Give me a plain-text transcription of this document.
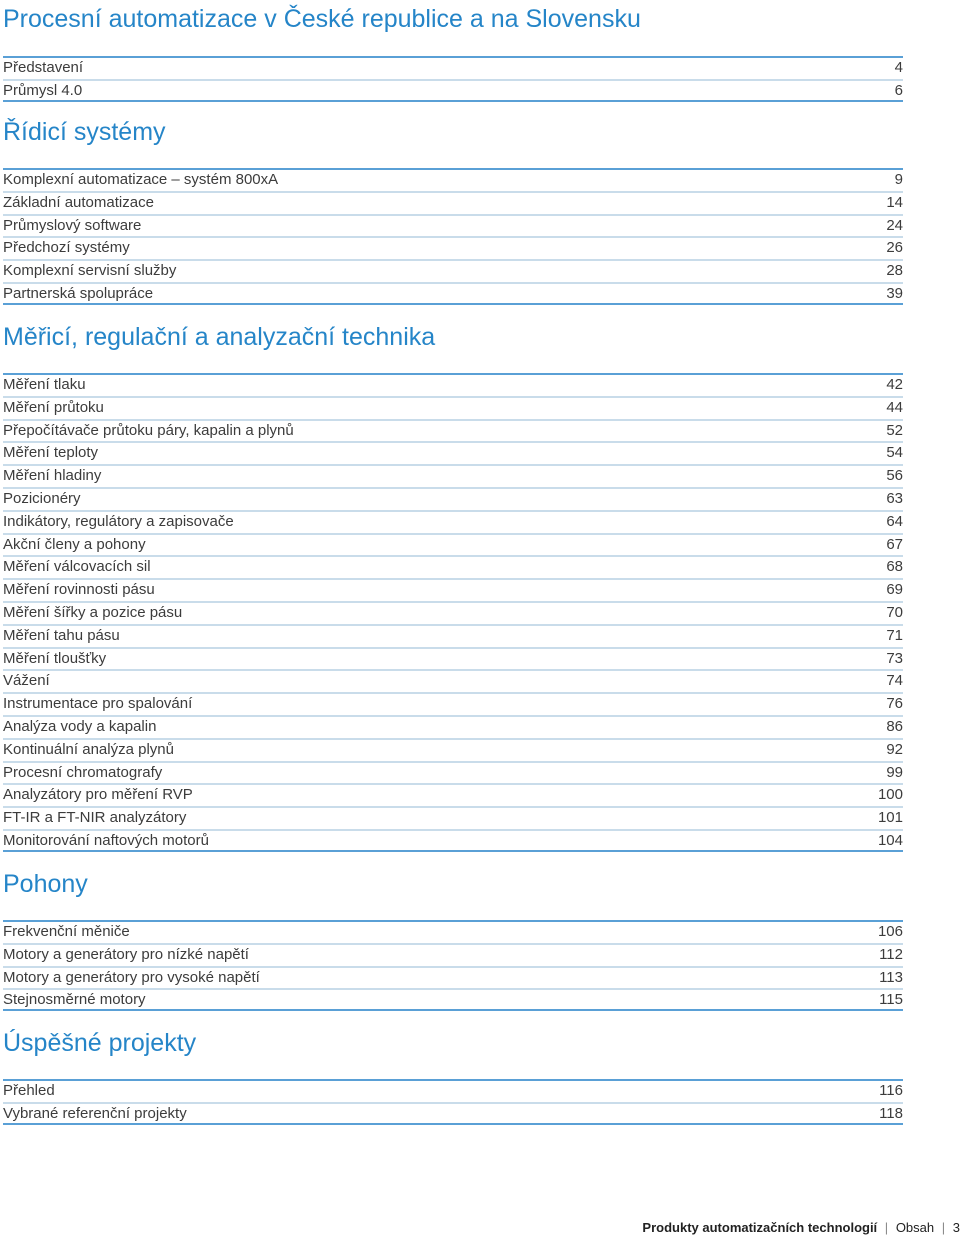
Procesní automatizace v České republice a na Slovensku
Představení	4
Průmysl 4.0	6
Řídicí systémy
Komplexní automatizace – systém 800xA	9
Základní automatizace	14
Průmyslový software	24
Předchozí systémy	26
Komplexní servisní služby	28
Partnerská spolupráce	39
Měřicí, regulační a analyzační technika
Měření tlaku	42
Měření průtoku	44
Přepočítávače průtoku páry, kapalin a plynů	52
Měření teploty	54
Měření hladiny	56
Pozicionéry	63
Indikátory, regulátory a zapisovače	64
Akční členy a pohony	67
Měření válcovacích sil	68
Měření rovinnosti pásu	69
Měření šířky a pozice pásu	70
Měření tahu pásu	71
Měření tloušťky	73
Vážení	74
Instrumentace pro spalování	76
Analýza vody a kapalin	86
Kontinuální analýza plynů	92
Procesní chromatografy	99
Analyzátory pro měření RVP	100
FT-IR a FT-NIR analyzátory	101
Monitorování naftových motorů	104
Pohony
Frekvenční měniče	106
Motory a generátory pro nízké napětí	112
Motory a generátory pro vysoké napětí	113
Stejnosměrné motory	115
Úspěšné projekty
Přehled	116
Vybrané referenční projekty	118
Produkty automatizačních technologií | Obsah | 3
